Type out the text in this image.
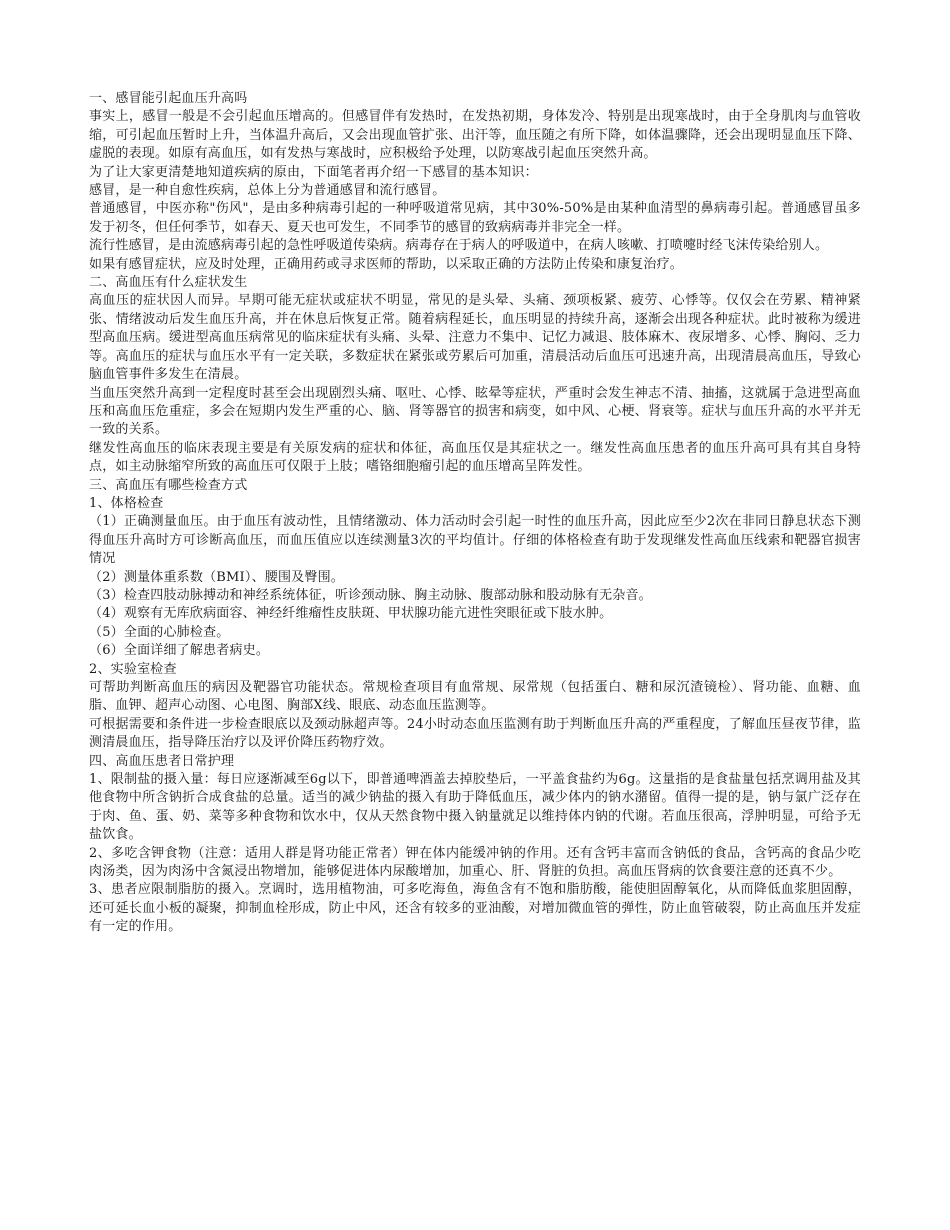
一、感冒能引起血压升高吗

事实上，感冒一般是不会引起血压增高的。但感冒伴有发热时，在发热初期，身体发冷、特别是出现寒战时，由于全身肌肉与血管收缩，可引起血压暂时上升，当体温升高后，又会出现血管扩张、出汗等，血压随之有所下降，如体温骤降，还会出现明显血压下降、虚脱的表现。如原有高血压，如有发热与寒战时，应积极给予处理，以防寒战引起血压突然升高。

为了让大家更清楚地知道疾病的原由，下面笔者再介绍一下感冒的基本知识：

感冒，是一种自愈性疾病，总体上分为普通感冒和流行感冒。

普通感冒，中医亦称"伤风"，是由多种病毒引起的一种呼吸道常见病，其中30%-50%是由某种血清型的鼻病毒引起。普通感冒虽多发于初冬，但任何季节，如春天、夏天也可发生，不同季节的感冒的致病病毒并非完全一样。

流行性感冒，是由流感病毒引起的急性呼吸道传染病。病毒存在于病人的呼吸道中，在病人咳嗽、打喷嚏时经飞沫传染给别人。

如果有感冒症状，应及时处理，正确用药或寻求医师的帮助，以采取正确的方法防止传染和康复治疗。

二、高血压有什么症状发生

高血压的症状因人而异。早期可能无症状或症状不明显，常见的是头晕、头痛、颈项板紧、疲劳、心悸等。仅仅会在劳累、精神紧张、情绪波动后发生血压升高，并在休息后恢复正常。随着病程延长，血压明显的持续升高，逐渐会出现各种症状。此时被称为缓进型高血压病。缓进型高血压病常见的临床症状有头痛、头晕、注意力不集中、记忆力减退、肢体麻木、夜尿增多、心悸、胸闷、乏力等。高血压的症状与血压水平有一定关联，多数症状在紧张或劳累后可加重，清晨活动后血压可迅速升高，出现清晨高血压，导致心脑血管事件多发生在清晨。

当血压突然升高到一定程度时甚至会出现剧烈头痛、呕吐、心悸、眩晕等症状，严重时会发生神志不清、抽搐，这就属于急进型高血压和高血压危重症，多会在短期内发生严重的心、脑、肾等器官的损害和病变，如中风、心梗、肾衰等。症状与血压升高的水平并无一致的关系。

继发性高血压的临床表现主要是有关原发病的症状和体征，高血压仅是其症状之一。继发性高血压患者的血压升高可具有其自身特点，如主动脉缩窄所致的高血压可仅限于上肢；嗜铬细胞瘤引起的血压增高呈阵发性。

三、高血压有哪些检查方式

1、体格检查

（1）正确测量血压。由于血压有波动性，且情绪激动、体力活动时会引起一时性的血压升高，因此应至少2次在非同日静息状态下测得血压升高时方可诊断高血压，而血压值应以连续测量3次的平均值计。仔细的体格检查有助于发现继发性高血压线索和靶器官损害情况

（2）测量体重系数（BMI）、腰围及臀围。

（3）检查四肢动脉搏动和神经系统体征，听诊颈动脉、胸主动脉、腹部动脉和股动脉有无杂音。

（4）观察有无库欣病面容、神经纤维瘤性皮肤斑、甲状腺功能亢进性突眼征或下肢水肿。

（5）全面的心肺检查。

（6）全面详细了解患者病史。

2、实验室检查

可帮助判断高血压的病因及靶器官功能状态。常规检查项目有血常规、尿常规（包括蛋白、糖和尿沉渣镜检）、肾功能、血糖、血脂、血钾、超声心动图、心电图、胸部X线、眼底、动态血压监测等。

可根据需要和条件进一步检查眼底以及颈动脉超声等。24小时动态血压监测有助于判断血压升高的严重程度，了解血压昼夜节律，监测清晨血压，指导降压治疗以及评价降压药物疗效。

四、高血压患者日常护理

1、限制盐的摄入量：每日应逐渐减至6g以下，即普通啤酒盖去掉胶垫后，一平盖食盐约为6g。这量指的是食盐量包括烹调用盐及其他食物中所含钠折合成食盐的总量。适当的减少钠盐的摄入有助于降低血压，减少体内的钠水潴留。值得一提的是，钠与氯广泛存在于肉、鱼、蛋、奶、菜等多种食物和饮水中，仅从天然食物中摄入钠量就足以维持体内钠的代谢。若血压很高，浮肿明显，可给予无盐饮食。

2、多吃含钾食物（注意：适用人群是肾功能正常者）钾在体内能缓冲钠的作用。还有含钙丰富而含钠低的食品，含钙高的食品少吃肉汤类，因为肉汤中含氮浸出物增加，能够促进体内尿酸增加，加重心、肝、肾脏的负担。高血压肾病的饮食要注意的还真不少。

3、患者应限制脂肪的摄入。烹调时，选用植物油，可多吃海鱼，海鱼含有不饱和脂肪酸，能使胆固醇氧化，从而降低血浆胆固醇，还可延长血小板的凝聚，抑制血栓形成，防止中风，还含有较多的亚油酸，对增加微血管的弹性，防止血管破裂，防止高血压并发症有一定的作用。
